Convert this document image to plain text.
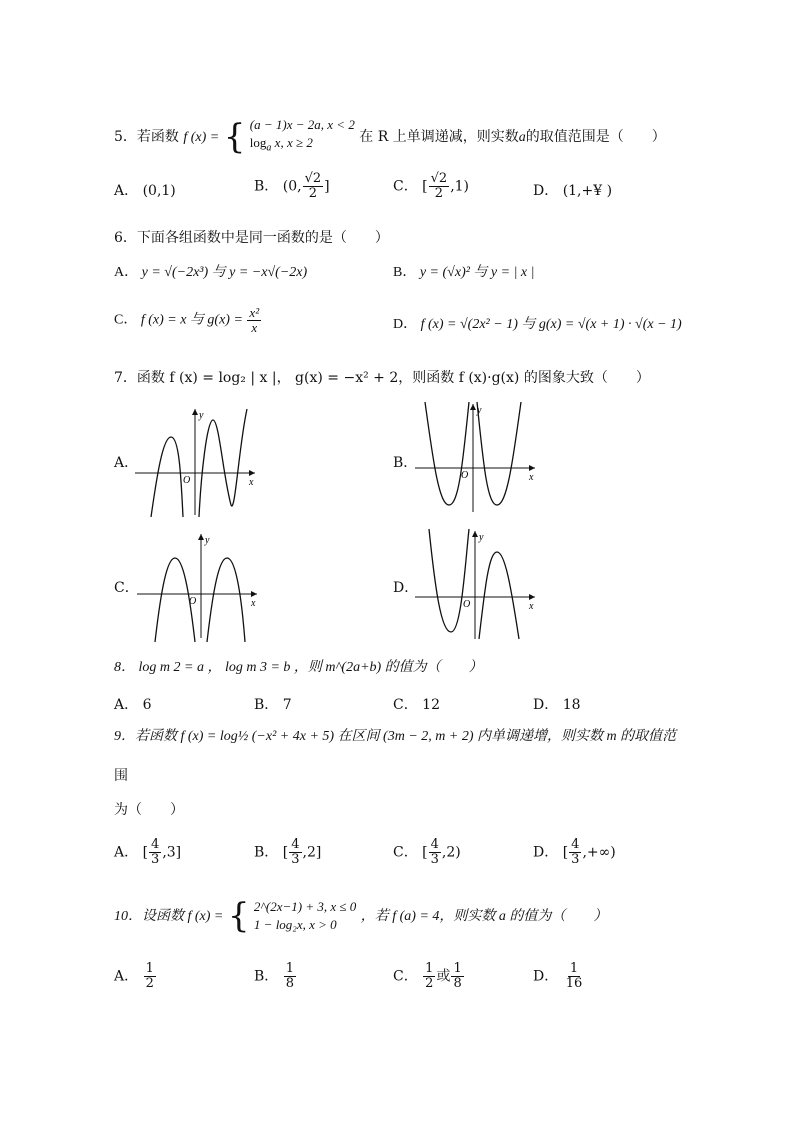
5．若函数 f (x) = { (a − 1)x − 2a, x < 2
$\log_a x$, x ≥ 2	在 R 上单调递减，则实数a的取值范围是（　　）
A． (0,1)	B． (0, $\frac{√2}{2}$ ]	C． [ $\frac{√2}{2} ,1$)	D． (1,+¥ )
6．下面各组函数中是同一函数的是（　　）
A． y = √(−2x³) 与 y = −x√(−2x)	B． y = (√x)² 与 y = | x |
C． f (x) = x 与 $g(x) = \frac{\text{x²}}{x}$	D． f (x) = √(2x² − 1) 与 g(x) = √(x + 1) · √(x − 1)
7．函数 f (x) = log₂ | x |， g(x) = −x² + 2，则函数 f (x)·g(x) 的图象大致（　　）
A．
y
x
O
B．
y
x
O
C．
y
x
O
D．
y
x
O
8． log m 2 = a ， log m 3 = b ，则 m^(2a+b) 的值为（　　）
A． 6	B． 7	C． 12	D． 18
9．若函数 f (x) = log½ (−x² + 4x + 5) 在区间 (3m − 2, m + 2) 内单调递增，则实数 m 的取值范
围
为（　　）
A． [ $\frac{4}{3} ,3$]	B． [ $\frac{4}{3} ,2$]	C． [ $\frac{4}{3} ,2$)	D． [ $\frac{4}{3}$ ,+∞)
10．设函数 f (x) = { 2^(2x−1) + 3, x ≤ 0
1 − log₂x, x > 0
，若 f (a) = 4，则实数 a 的值为（　　）
A． $\frac{1}{2}$	B． $\frac{1}{8}$	C． $\frac{1}{2}$ 或 $\frac{1}{8}$	D． $\frac{1}{16}$
